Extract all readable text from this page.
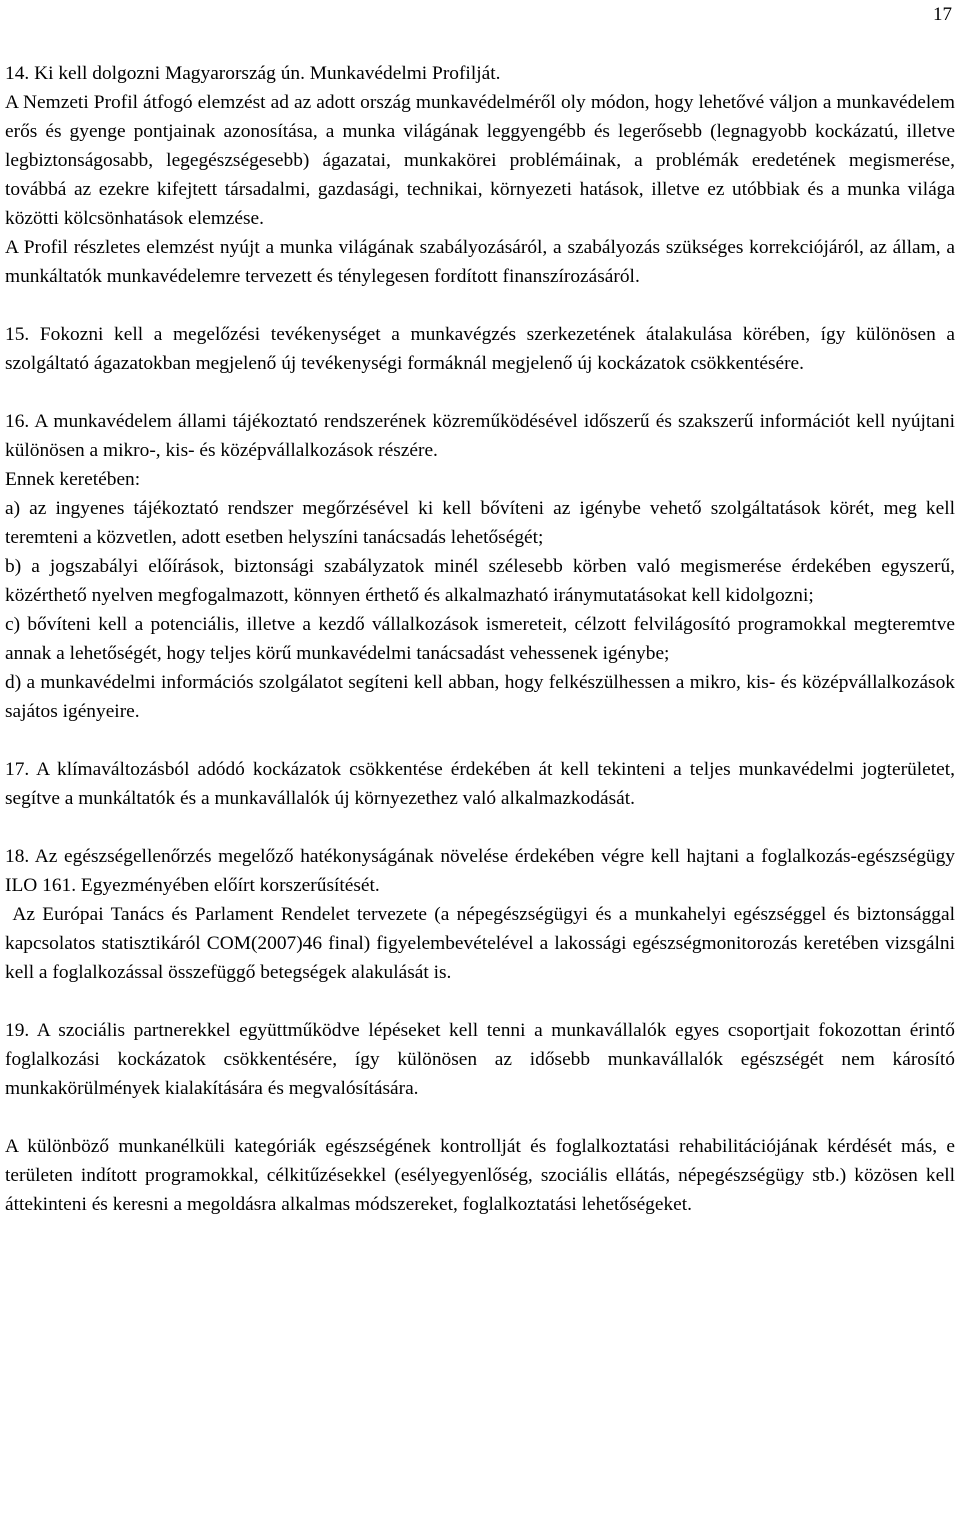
17

14. Ki kell dolgozni Magyarország ún. Munkavédelmi Profilját.

A Nemzeti Profil átfogó elemzést ad az adott ország munkavédelméről oly módon, hogy lehetővé váljon a munkavédelem erős és gyenge pontjainak azonosítása, a munka világának leggyengébb és legerősebb (legnagyobb kockázatú, illetve legbiztonságosabb, legegészségesebb) ágazatai, munkakörei problémáinak, a problémák eredetének megismerése, továbbá az ezekre kifejtett társadalmi, gazdasági, technikai, környezeti hatások, illetve ez utóbbiak és a munka világa közötti kölcsönhatások elemzése.

A Profil részletes elemzést nyújt a munka világának szabályozásáról, a szabályozás szükséges korrekciójáról, az állam, a munkáltatók munkavédelemre tervezett és ténylegesen fordított finanszírozásáról.

15. Fokozni kell a megelőzési tevékenységet a munkavégzés szerkezetének átalakulása körében, így különösen a szolgáltató ágazatokban megjelenő új tevékenységi formáknál megjelenő új kockázatok csökkentésére.

16. A munkavédelem állami tájékoztató rendszerének közreműködésével időszerű és szakszerű információt kell nyújtani különösen a mikro-, kis- és középvállalkozások részére.

Ennek keretében:

a) az ingyenes tájékoztató rendszer megőrzésével ki kell bővíteni az igénybe vehető szolgáltatások körét, meg kell teremteni a közvetlen, adott esetben helyszíni tanácsadás lehetőségét;

b) a jogszabályi előírások, biztonsági szabályzatok minél szélesebb körben való megismerése érdekében egyszerű, közérthető nyelven megfogalmazott, könnyen érthető és alkalmazható iránymutatásokat kell kidolgozni;

c) bővíteni kell a potenciális, illetve a kezdő vállalkozások ismereteit, célzott felvilágosító programokkal megteremtve annak a lehetőségét, hogy teljes körű munkavédelmi tanácsadást vehessenek igénybe;

d) a munkavédelmi információs szolgálatot segíteni kell abban, hogy felkészülhessen a mikro, kis- és középvállalkozások sajátos igényeire.

17. A klímaváltozásból adódó kockázatok csökkentése érdekében át kell tekinteni a teljes munkavédelmi jogterületet, segítve a munkáltatók és a munkavállalók új környezethez való alkalmazkodását.

18. Az egészségellenőrzés megelőző hatékonyságának növelése érdekében végre kell hajtani a foglalkozás-egészségügy ILO 161. Egyezményében előírt korszerűsítését.

Az Európai Tanács és Parlament Rendelet tervezete (a népegészségügyi és a munkahelyi egészséggel és biztonsággal kapcsolatos statisztikáról COM(2007)46 final) figyelembevételével a lakossági egészségmonitorozás keretében vizsgálni kell a foglalkozással összefüggő betegségek alakulását is.

19. A szociális partnerekkel együttműködve lépéseket kell tenni a munkavállalók egyes csoportjait fokozottan érintő foglalkozási kockázatok csökkentésére, így különösen az idősebb munkavállalók egészségét nem károsító munkakörülmények kialakítására és megvalósítására.

A különböző munkanélküli kategóriák egészségének kontrollját és foglalkoztatási rehabilitációjának kérdését más, e területen indított programokkal, célkitűzésekkel (esélyegyenlőség, szociális ellátás, népegészségügy stb.) közösen kell áttekinteni és keresni a megoldásra alkalmas módszereket, foglalkoztatási lehetőségeket.
